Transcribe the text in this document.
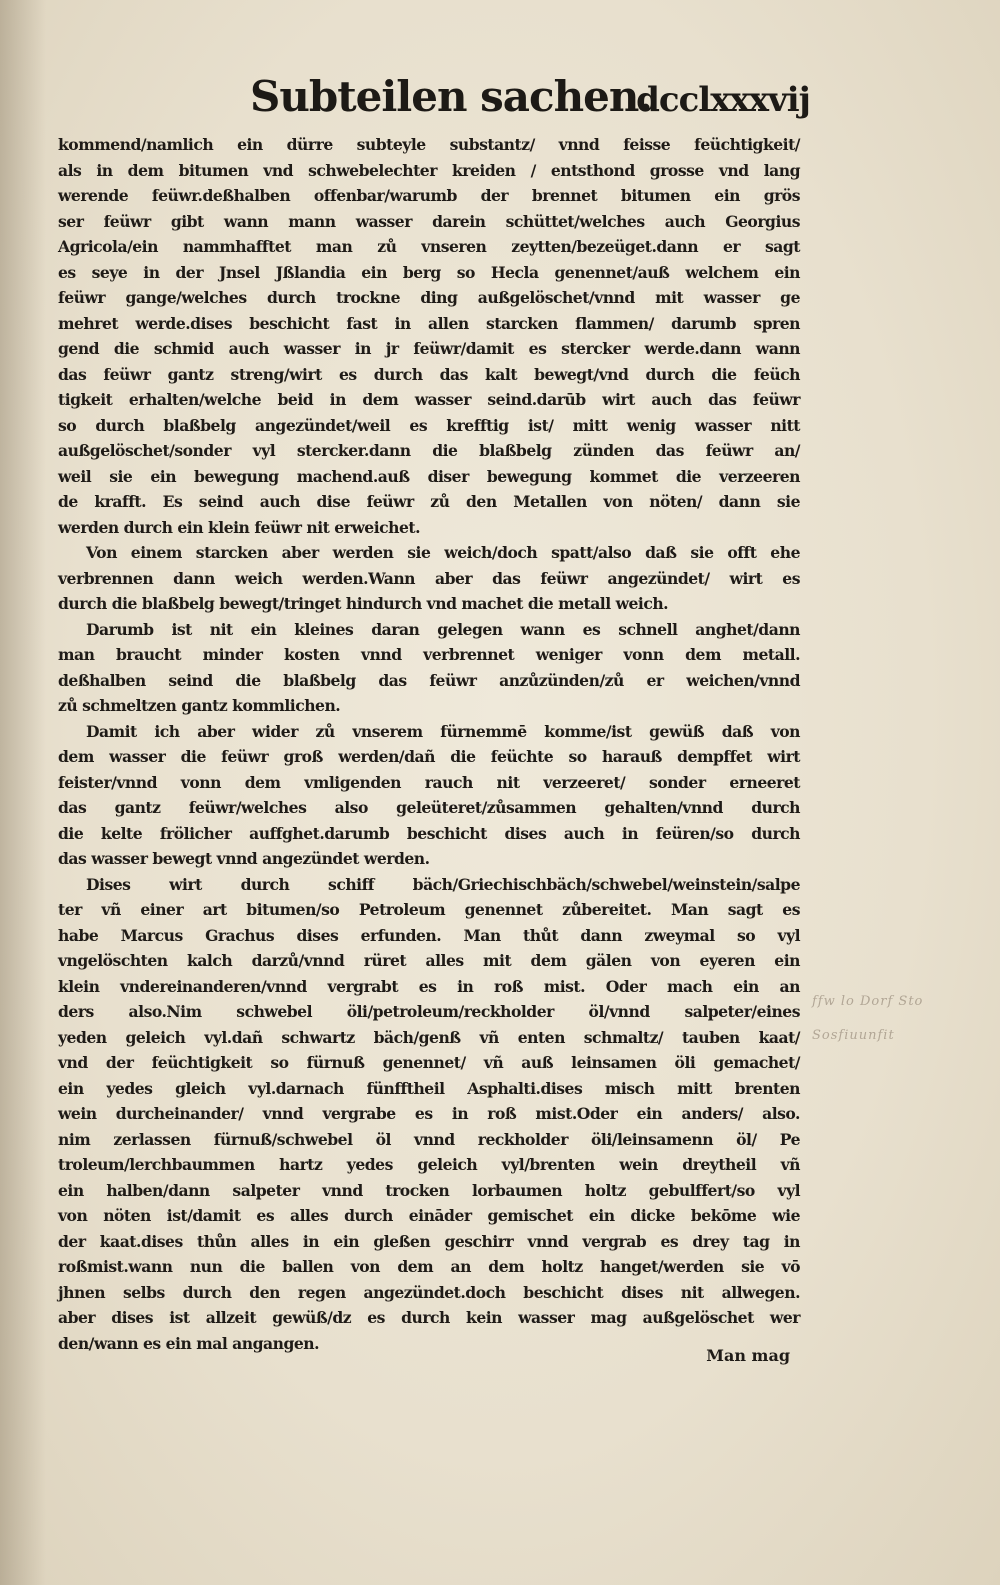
Subteilen sachen.
dcclxxxvij
kommend/namlich ein dürre subteyle substantz/ vnnd feisse feüchtigkeit/
als in dem bitumen vnd schwebelechter kreiden / entsthond grosse vnd lang
werende feüwr.deßhalben offenbar/warumb der brennet bitumen ein grös
ser feüwr gibt wann mann wasser darein schüttet/welches auch Georgius
Agricola/ein nammhafftet man zů vnseren zeytten/bezeüget.dann er sagt
es seye in der Jnsel Jßlandia ein berg so Hecla genennet/auß welchem ein
feüwr gange/welches durch trockne ding außgelöschet/vnnd mit wasser ge
mehret werde.dises beschicht fast in allen starcken flammen/ darumb spren
gend die schmid auch wasser in jr feüwr/damit es stercker werde.dann wann
das feüwr gantz streng/wirt es durch das kalt bewegt/vnd durch die feüch
tigkeit erhalten/welche beid in dem wasser seind.darūb wirt auch das feüwr
so durch blaßbelg angezündet/weil es krefftig ist/ mitt wenig wasser nitt
außgelöschet/sonder vyl stercker.dann die blaßbelg zünden das feüwr an/
weil sie ein bewegung machend.auß diser bewegung kommet die verzeeren
de krafft. Es seind auch dise feüwr zů den Metallen von nöten/ dann sie
werden durch ein klein feüwr nit erweichet.
Von einem starcken aber werden sie weich/doch spatt/also daß sie offt ehe
verbrennen dann weich werden.Wann aber das feüwr angezündet/ wirt es
durch die blaßbelg bewegt/tringet hindurch vnd machet die metall weich.
Darumb ist nit ein kleines daran gelegen wann es schnell anghet/dann
man braucht minder kosten vnnd verbrennet weniger vonn dem metall.
deßhalben seind die blaßbelg das feüwr anzůzünden/zů er weichen/vnnd
zů schmeltzen gantz kommlichen.
Damit ich aber wider zů vnserem fürnemmē komme/ist gewüß daß von
dem wasser die feüwr groß werden/dañ die feüchte so harauß dempffet wirt
feister/vnnd vonn dem vmligenden rauch nit verzeeret/ sonder erneeret
das gantz feüwr/welches also geleüteret/zůsammen gehalten/vnnd durch
die kelte frölicher auffghet.darumb beschicht dises auch in feüren/so durch
das wasser bewegt vnnd angezündet werden.
Dises wirt durch schiff bäch/Griechischbäch/schwebel/weinstein/salpe
ter vñ einer art bitumen/so Petroleum genennet zůbereitet. Man sagt es
habe Marcus Grachus dises erfunden. Man thůt dann zweymal so vyl
vngelöschten kalch darzů/vnnd rüret alles mit dem gälen von eyeren ein
klein vndereinanderen/vnnd vergrabt es in roß mist. Oder mach ein an
ders also.Nim schwebel öli/petroleum/reckholder öl/vnnd salpeter/eines
yeden geleich vyl.dañ schwartz bäch/genß vñ enten schmaltz/ tauben kaat/
vnd der feüchtigkeit so fürnuß genennet/ vñ auß leinsamen öli gemachet/
ein yedes gleich vyl.darnach fünfftheil Asphalti.dises misch mitt brenten
wein durcheinander/ vnnd vergrabe es in roß mist.Oder ein anders/ also.
nim zerlassen fürnuß/schwebel öl vnnd reckholder öli/leinsamenn öl/ Pe
troleum/lerchbaummen hartz yedes geleich vyl/brenten wein dreytheil vñ
ein halben/dann salpeter vnnd trocken lorbaumen holtz gebulffert/so vyl
von nöten ist/damit es alles durch eināder gemischet ein dicke bekōme wie
der kaat.dises thůn alles in ein gleßen geschirr vnnd vergrab es drey tag in
roßmist.wann nun die ballen von dem an dem holtz hanget/werden sie vō
jhnen selbs durch den regen angezündet.doch beschicht dises nit allwegen.
aber dises ist allzeit gewüß/dz es durch kein wasser mag außgelöschet wer
den/wann es ein mal angangen.
ffw lo Dorf Sto
Sosfiuunfit
Man mag
